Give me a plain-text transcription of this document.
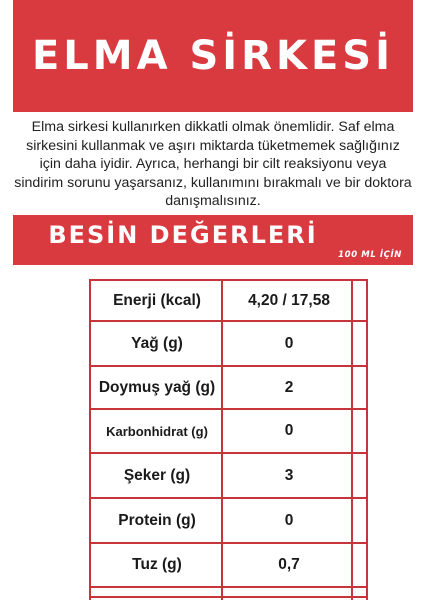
ELMA SİRKESİ

Elma sirkesi kullanırken dikkatli olmak önemlidir. Saf elma sirkesini kullanmak ve aşırı miktarda tüketmemek sağlığınız için daha iyidir. Ayrıca, herhangi bir cilt reaksiyonu veya sindirim sorunu yaşarsanız, kullanımını bırakmalı ve bir doktora danışmalısınız.

BESİN DEĞERLERİ
100 ML İÇİN
Enerji (kcal)	4,20 / 17,58
Yağ (g)	0
Doymuş yağ (g)	2
Karbonhidrat (g)	0
Şeker (g)	3
Protein (g)	0
Tuz (g)	0,7
